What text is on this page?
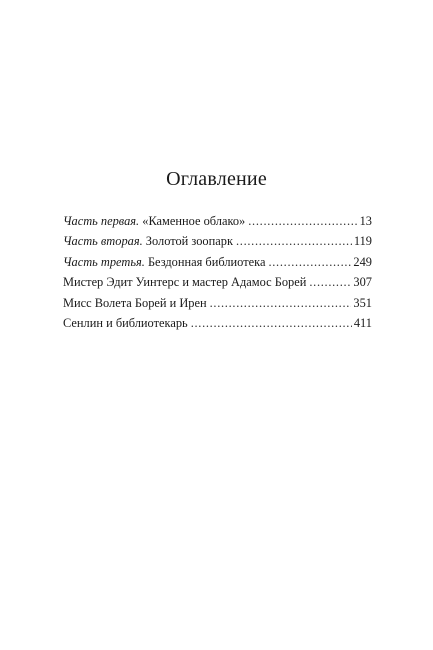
Оглавление
Часть первая. «Каменное облако» . . .	13
Часть вторая. Золотой зоопарк . . .	119
Часть третья. Бездонная библиотека . . .	249
Мистер Эдит Уинтерс и мастер Адамос Борей . . .	307
Мисс Волета Борей и Ирен . . .	351
Сенлин и библиотекарь . . .	411
